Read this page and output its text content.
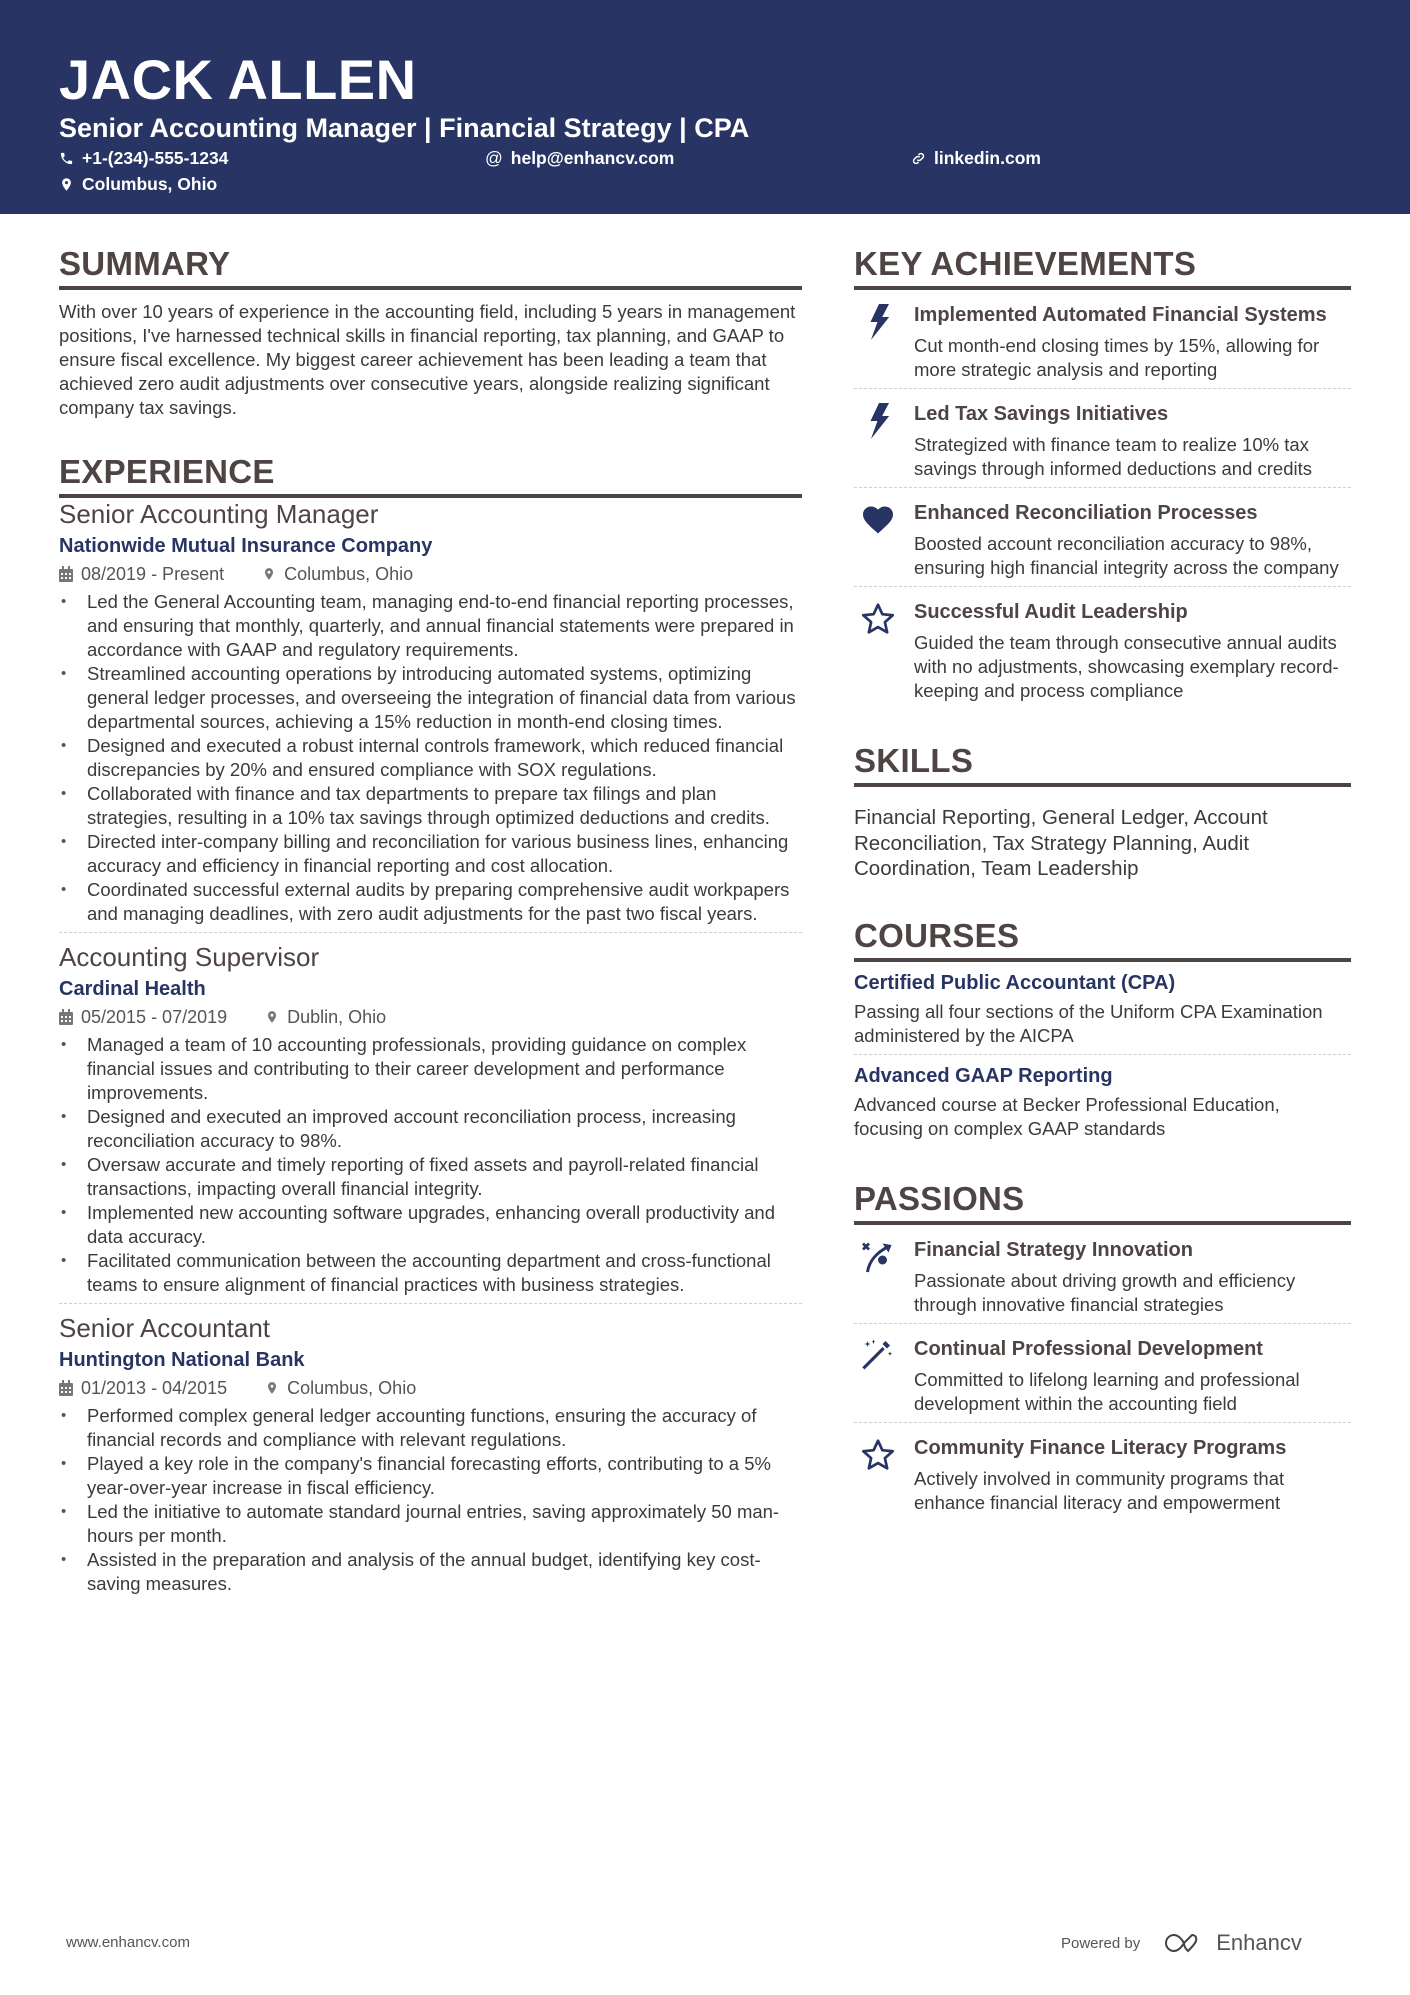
JACK ALLEN
Senior Accounting Manager | Financial Strategy | CPA
+1-(234)-555-1234	@ help@enhancv.com	linkedin.com
Columbus, Ohio
SUMMARY
With over 10 years of experience in the accounting field, including 5 years in management positions, I've harnessed technical skills in financial reporting, tax planning, and GAAP to ensure fiscal excellence. My biggest career achievement has been leading a team that achieved zero audit adjustments over consecutive years, alongside realizing significant company tax savings.
EXPERIENCE
Senior Accounting Manager
Nationwide Mutual Insurance Company
08/2019 - Present	Columbus, Ohio
• Led the General Accounting team, managing end-to-end financial reporting processes, and ensuring that monthly, quarterly, and annual financial statements were prepared in accordance with GAAP and regulatory requirements.
• Streamlined accounting operations by introducing automated systems, optimizing general ledger processes, and overseeing the integration of financial data from various departmental sources, achieving a 15% reduction in month-end closing times.
• Designed and executed a robust internal controls framework, which reduced financial discrepancies by 20% and ensured compliance with SOX regulations.
• Collaborated with finance and tax departments to prepare tax filings and plan strategies, resulting in a 10% tax savings through optimized deductions and credits.
• Directed inter-company billing and reconciliation for various business lines, enhancing accuracy and efficiency in financial reporting and cost allocation.
• Coordinated successful external audits by preparing comprehensive audit workpapers and managing deadlines, with zero audit adjustments for the past two fiscal years.
Accounting Supervisor
Cardinal Health
05/2015 - 07/2019	Dublin, Ohio
• Managed a team of 10 accounting professionals, providing guidance on complex financial issues and contributing to their career development and performance improvements.
• Designed and executed an improved account reconciliation process, increasing reconciliation accuracy to 98%.
• Oversaw accurate and timely reporting of fixed assets and payroll-related financial transactions, impacting overall financial integrity.
• Implemented new accounting software upgrades, enhancing overall productivity and data accuracy.
• Facilitated communication between the accounting department and cross-functional teams to ensure alignment of financial practices with business strategies.
Senior Accountant
Huntington National Bank
01/2013 - 04/2015	Columbus, Ohio
• Performed complex general ledger accounting functions, ensuring the accuracy of financial records and compliance with relevant regulations.
• Played a key role in the company's financial forecasting efforts, contributing to a 5% year-over-year increase in fiscal efficiency.
• Led the initiative to automate standard journal entries, saving approximately 50 man-hours per month.
• Assisted in the preparation and analysis of the annual budget, identifying key cost-saving measures.
KEY ACHIEVEMENTS
Implemented Automated Financial Systems
Cut month-end closing times by 15%, allowing for more strategic analysis and reporting
Led Tax Savings Initiatives
Strategized with finance team to realize 10% tax savings through informed deductions and credits
Enhanced Reconciliation Processes
Boosted account reconciliation accuracy to 98%, ensuring high financial integrity across the company
Successful Audit Leadership
Guided the team through consecutive annual audits with no adjustments, showcasing exemplary record-keeping and process compliance
SKILLS
Financial Reporting, General Ledger, Account Reconciliation, Tax Strategy Planning, Audit Coordination, Team Leadership
COURSES
Certified Public Accountant (CPA)
Passing all four sections of the Uniform CPA Examination administered by the AICPA
Advanced GAAP Reporting
Advanced course at Becker Professional Education, focusing on complex GAAP standards
PASSIONS
Financial Strategy Innovation
Passionate about driving growth and efficiency through innovative financial strategies
Continual Professional Development
Committed to lifelong learning and professional development within the accounting field
Community Finance Literacy Programs
Actively involved in community programs that enhance financial literacy and empowerment
www.enhancv.com	Powered by	Enhancv
